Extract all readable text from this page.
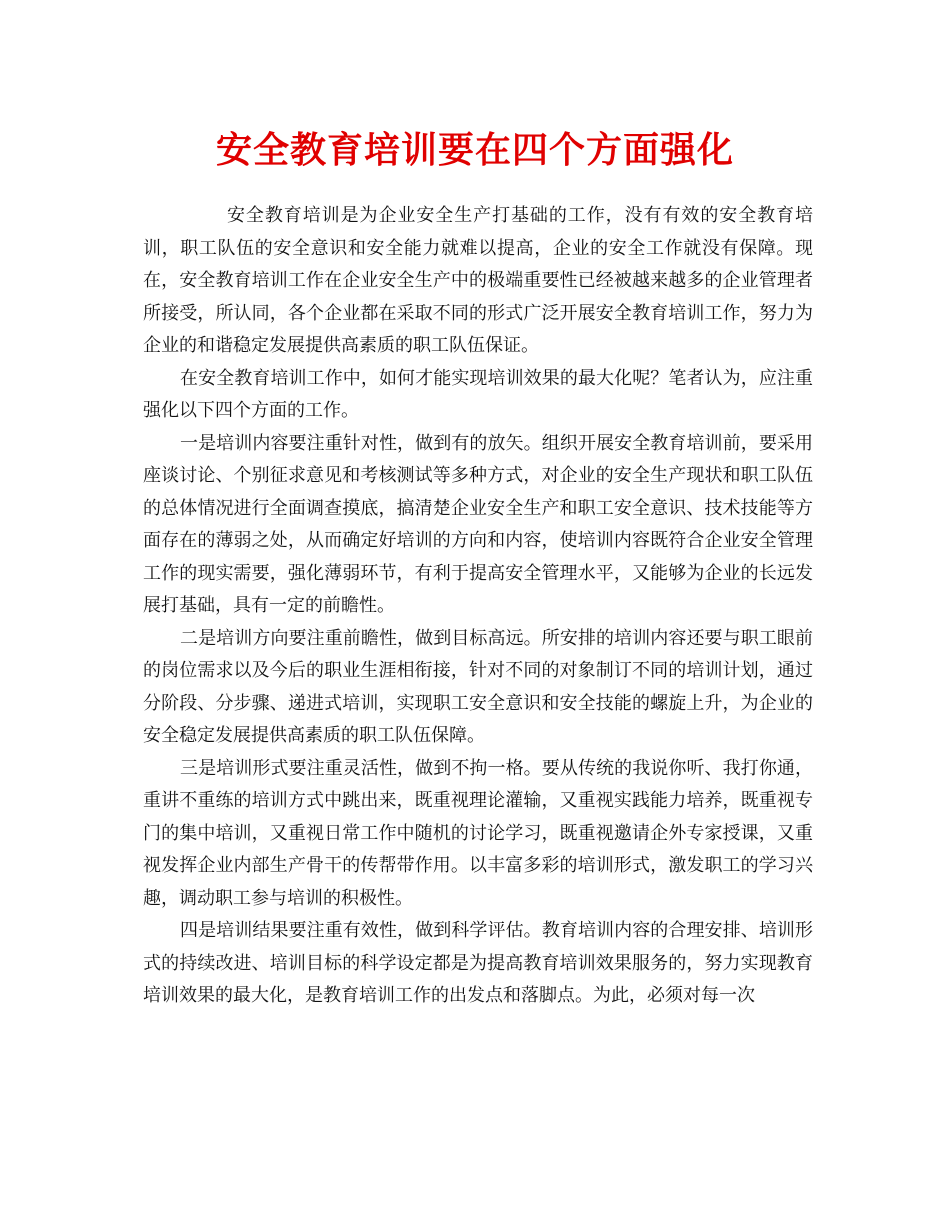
安全教育培训要在四个方面强化

安全教育培训是为企业安全生产打基础的工作，没有有效的安全教育培训，职工队伍的安全意识和安全能力就难以提高，企业的安全工作就没有保障。现在，安全教育培训工作在企业安全生产中的极端重要性已经被越来越多的企业管理者所接受，所认同，各个企业都在采取不同的形式广泛开展安全教育培训工作，努力为企业的和谐稳定发展提供高素质的职工队伍保证。

在安全教育培训工作中，如何才能实现培训效果的最大化呢？笔者认为，应注重强化以下四个方面的工作。

一是培训内容要注重针对性，做到有的放矢。组织开展安全教育培训前，要采用座谈讨论、个别征求意见和考核测试等多种方式，对企业的安全生产现状和职工队伍的总体情况进行全面调查摸底，搞清楚企业安全生产和职工安全意识、技术技能等方面存在的薄弱之处，从而确定好培训的方向和内容，使培训内容既符合企业安全管理工作的现实需要，强化薄弱环节，有利于提高安全管理水平，又能够为企业的长远发展打基础，具有一定的前瞻性。

二是培训方向要注重前瞻性，做到目标高远。所安排的培训内容还要与职工眼前的岗位需求以及今后的职业生涯相衔接，针对不同的对象制订不同的培训计划，通过分阶段、分步骤、递进式培训，实现职工安全意识和安全技能的螺旋上升，为企业的安全稳定发展提供高素质的职工队伍保障。

三是培训形式要注重灵活性，做到不拘一格。要从传统的我说你听、我打你通，重讲不重练的培训方式中跳出来，既重视理论灌输，又重视实践能力培养，既重视专门的集中培训，又重视日常工作中随机的讨论学习，既重视邀请企外专家授课，又重视发挥企业内部生产骨干的传帮带作用。以丰富多彩的培训形式，激发职工的学习兴趣，调动职工参与培训的积极性。

四是培训结果要注重有效性，做到科学评估。教育培训内容的合理安排、培训形式的持续改进、培训目标的科学设定都是为提高教育培训效果服务的，努力实现教育培训效果的最大化，是教育培训工作的出发点和落脚点。为此，必须对每一次
